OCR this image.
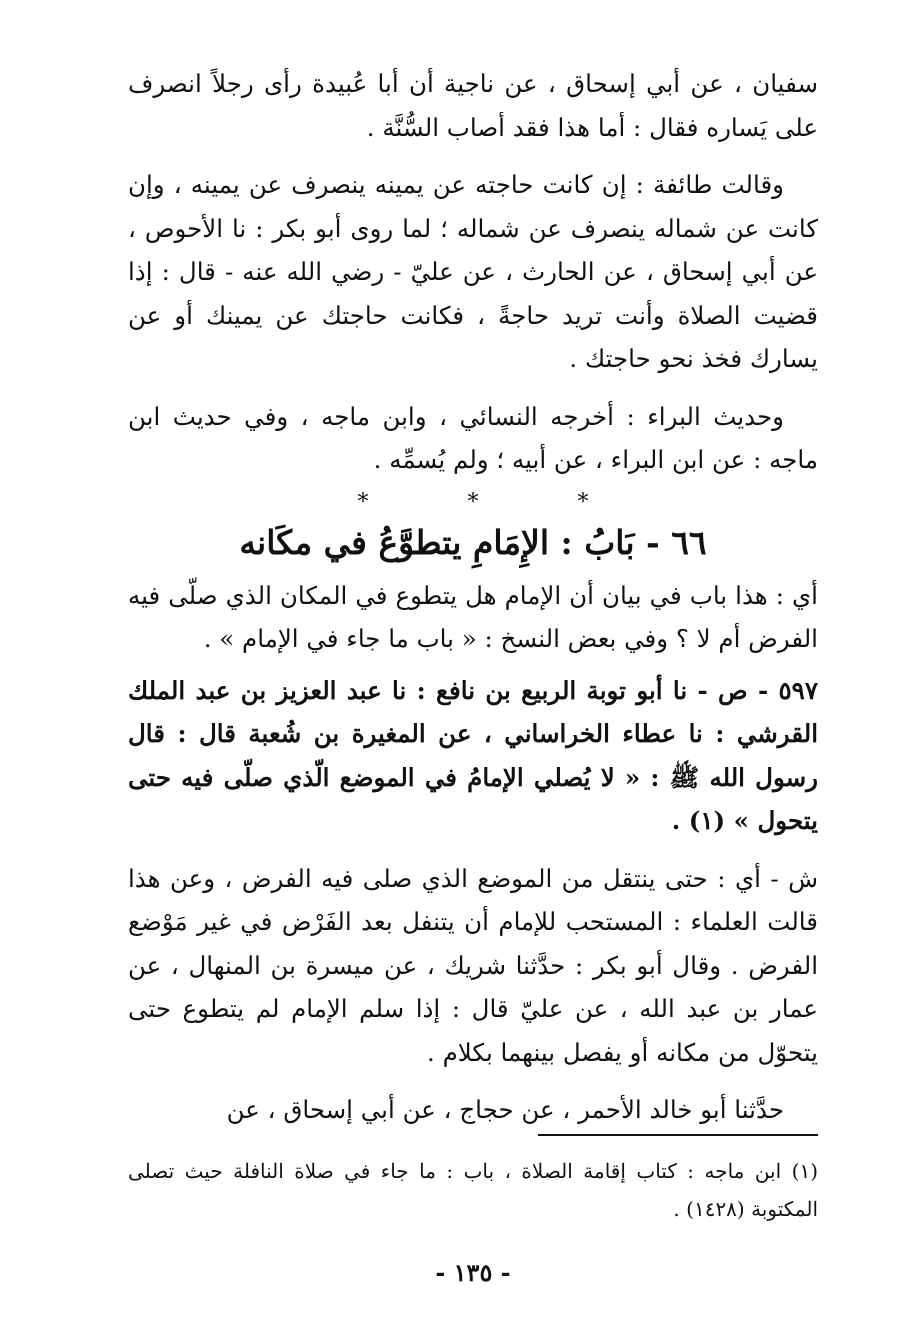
سفيان ، عن أبي إسحاق ، عن ناجية أن أبا عُبيدة رأى رجلاً انصرف على يَساره فقال : أما هذا فقد أصاب السُّنَّة .

وقالت طائفة : إن كانت حاجته عن يمينه ينصرف عن يمينه ، وإن كانت عن شماله ينصرف عن شماله ؛ لما روى أبو بكر : نا الأحوص ، عن أبي إسحاق ، عن الحارث ، عن عليّ - رضي الله عنه - قال : إذا قضيت الصلاة وأنت تريد حاجةً ، فكانت حاجتك عن يمينك أو عن يسارك فخذ نحو حاجتك .

وحديث البراء : أخرجه النسائي ، وابن ماجه ، وفي حديث ابن ماجه : عن ابن البراء ، عن أبيه ؛ ولم يُسمِّه .

* * *
٦٦ - بَابُ : الإِمَامِ يتطوَّعُ في مكَانه

أي : هذا باب في بيان أن الإمام هل يتطوع في المكان الذي صلّى فيه الفرض أم لا ؟ وفي بعض النسخ : « باب ما جاء في الإمام » .

٥٩٧ - ص - نا أبو توبة الربيع بن نافع : نا عبد العزيز بن عبد الملك القرشي : نا عطاء الخراساني ، عن المغيرة بن شُعبة قال : قال رسول الله ﷺ : « لا يُصلي الإمامُ في الموضع الّذي صلّى فيه حتى يتحول » (١) .

ش - أي : حتى ينتقل من الموضع الذي صلى فيه الفرض ، وعن هذا قالت العلماء : المستحب للإمام أن يتنفل بعد الفَرْض في غير مَوْضع الفرض . وقال أبو بكر : حدَّثنا شريك ، عن ميسرة بن المنهال ، عن عمار بن عبد الله ، عن عليّ قال : إذا سلم الإمام لم يتطوع حتى يتحوّل من مكانه أو يفصل بينهما بكلام .

حدَّثنا أبو خالد الأحمر ، عن حجاج ، عن أبي إسحاق ، عن

(١) ابن ماجه : كتاب إقامة الصلاة ، باب : ما جاء في صلاة النافلة حيث تصلى المكتوبة (١٤٢٨) .

- ١٣٥ -
